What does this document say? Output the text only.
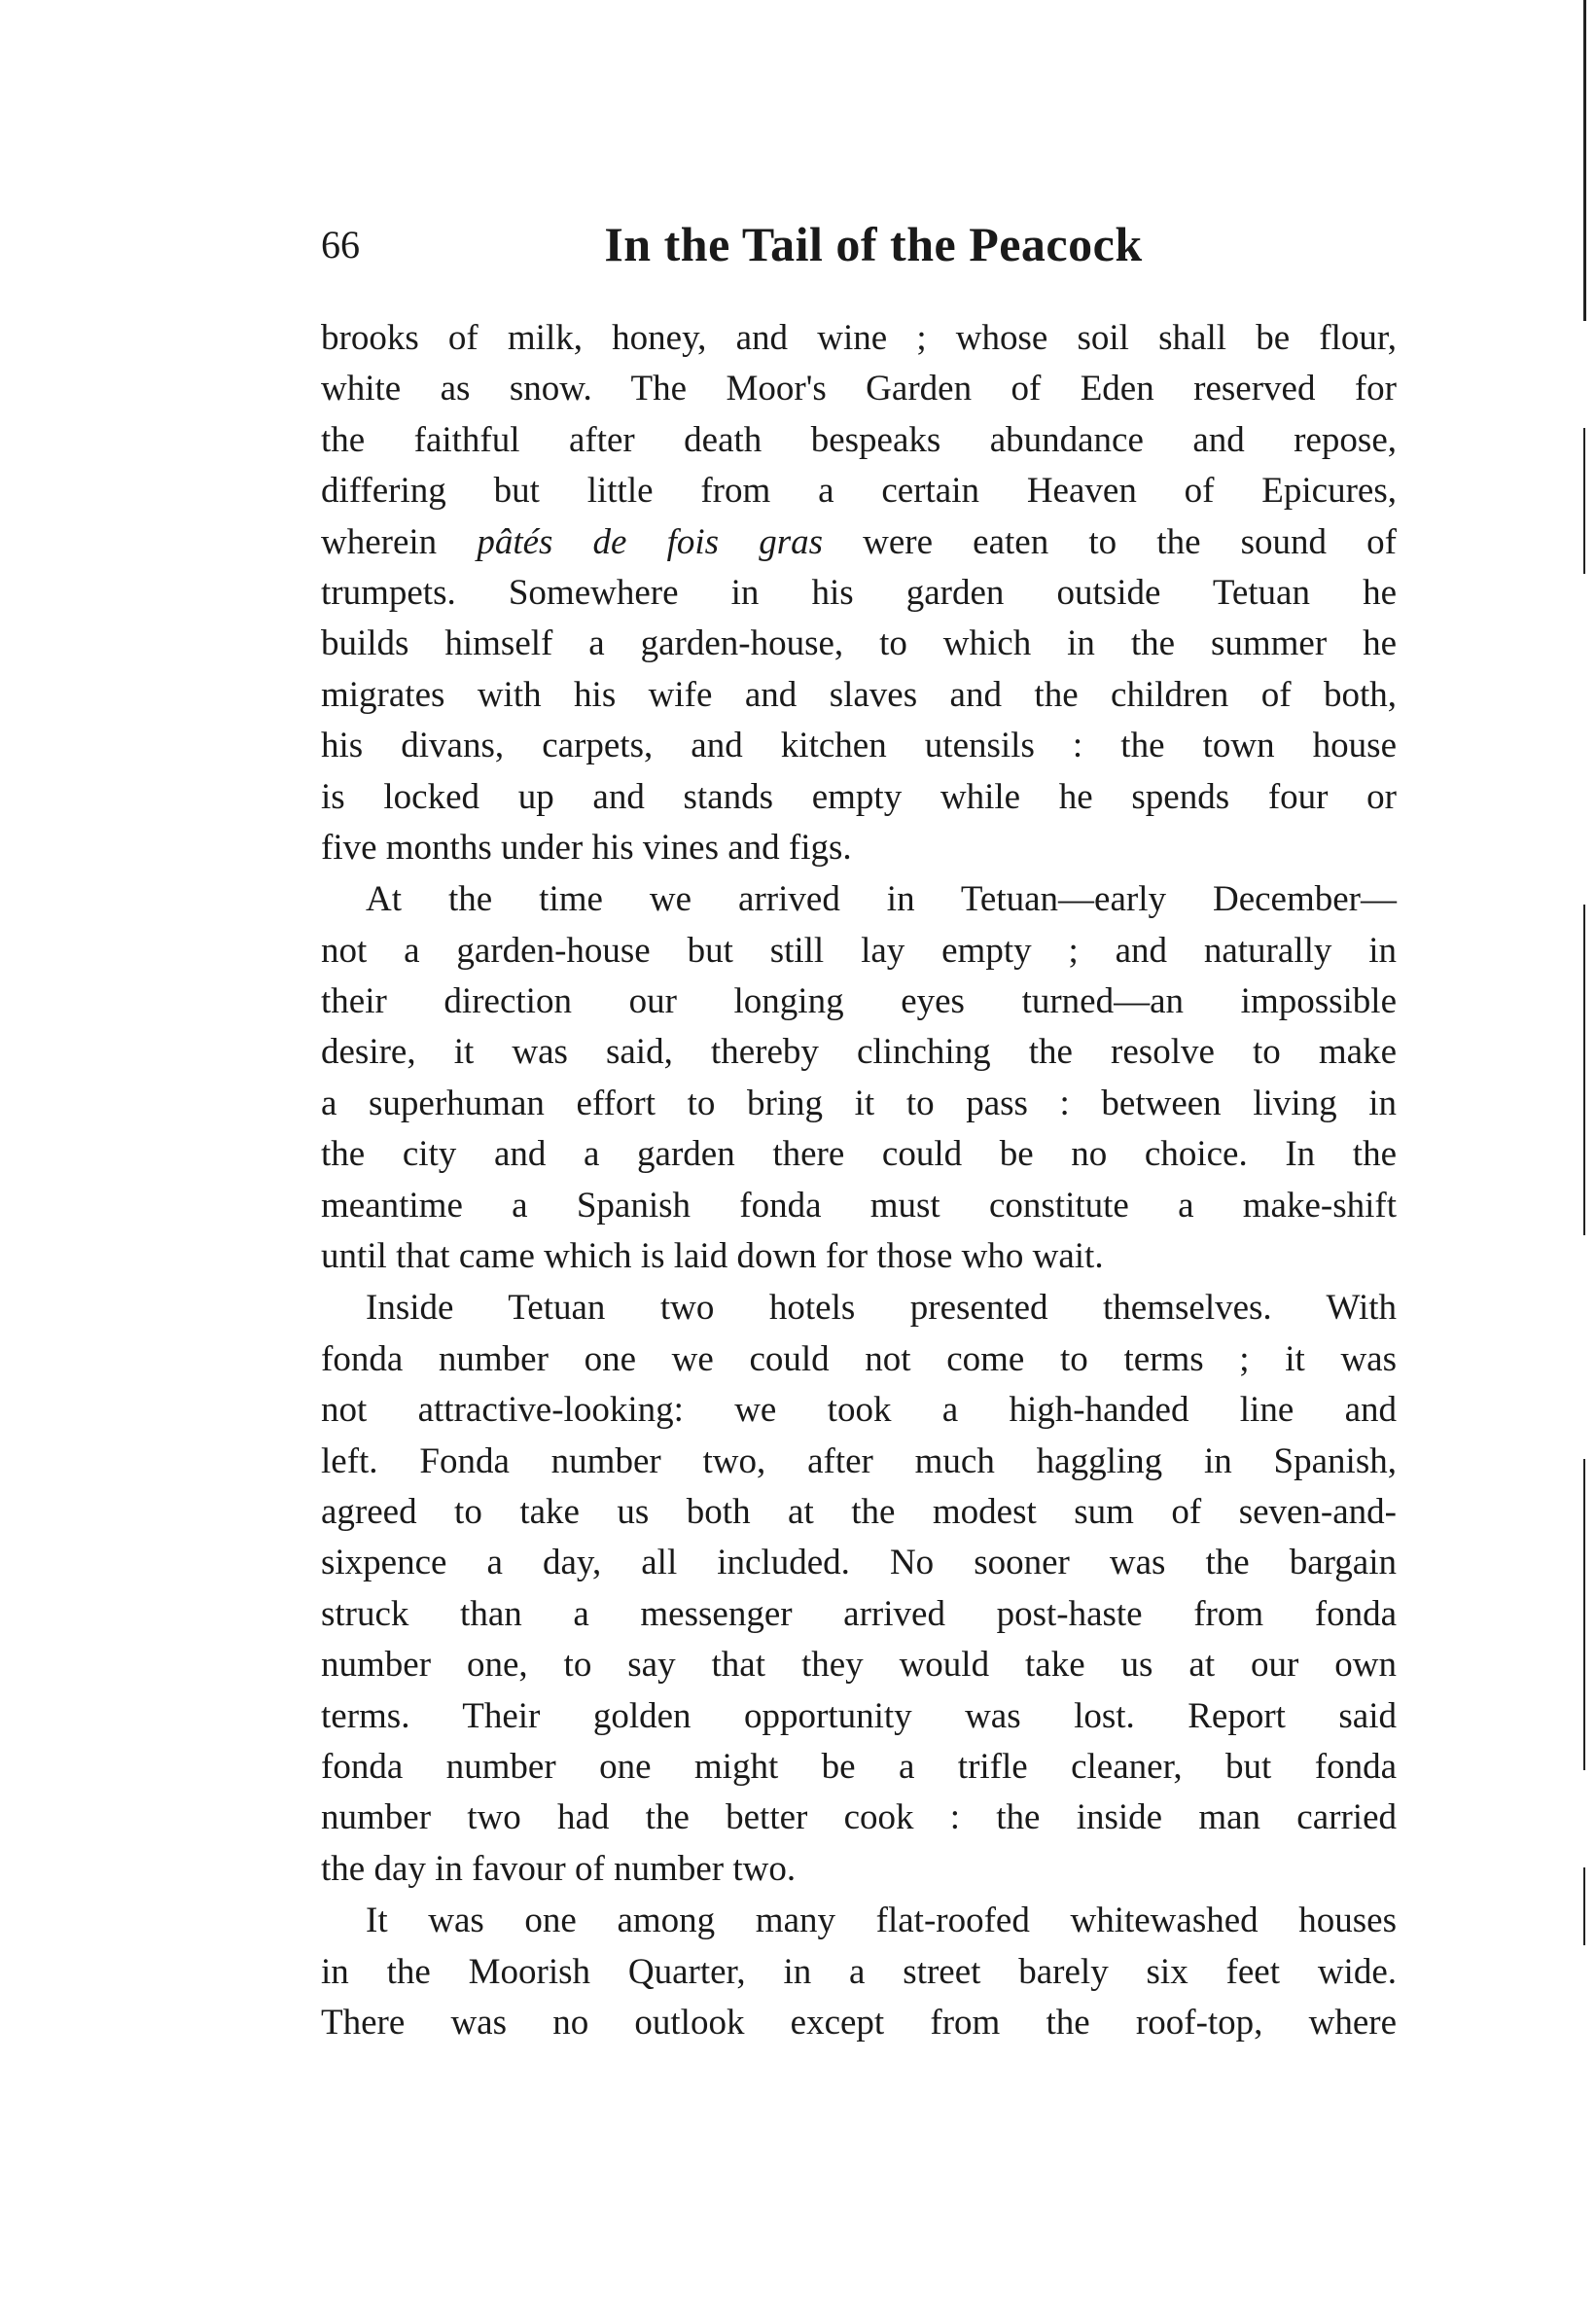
66	In the Tail of the Peacock
brooks of milk, honey, and wine ; whose soil shall be flour,
white as snow. The Moor's Garden of Eden reserved for
the faithful after death bespeaks abundance and repose,
differing but little from a certain Heaven of Epicures,
wherein pâtés de fois gras were eaten to the sound of
trumpets. Somewhere in his garden outside Tetuan he
builds himself a garden-house, to which in the summer he
migrates with his wife and slaves and the children of both,
his divans, carpets, and kitchen utensils : the town house
is locked up and stands empty while he spends four or
five months under his vines and figs.
At the time we arrived in Tetuan—early December—
not a garden-house but still lay empty ; and naturally in
their direction our longing eyes turned—an impossible
desire, it was said, thereby clinching the resolve to make
a superhuman effort to bring it to pass : between living in
the city and a garden there could be no choice. In the
meantime a Spanish fonda must constitute a make-shift
until that came which is laid down for those who wait.
Inside Tetuan two hotels presented themselves. With
fonda number one we could not come to terms ; it was
not attractive-looking: we took a high-handed line and
left. Fonda number two, after much haggling in Spanish,
agreed to take us both at the modest sum of seven-and-
sixpence a day, all included. No sooner was the bargain
struck than a messenger arrived post-haste from fonda
number one, to say that they would take us at our own
terms. Their golden opportunity was lost. Report said
fonda number one might be a trifle cleaner, but fonda
number two had the better cook : the inside man carried
the day in favour of number two.
It was one among many flat-roofed whitewashed houses
in the Moorish Quarter, in a street barely six feet wide.
There was no outlook except from the roof-top, where
